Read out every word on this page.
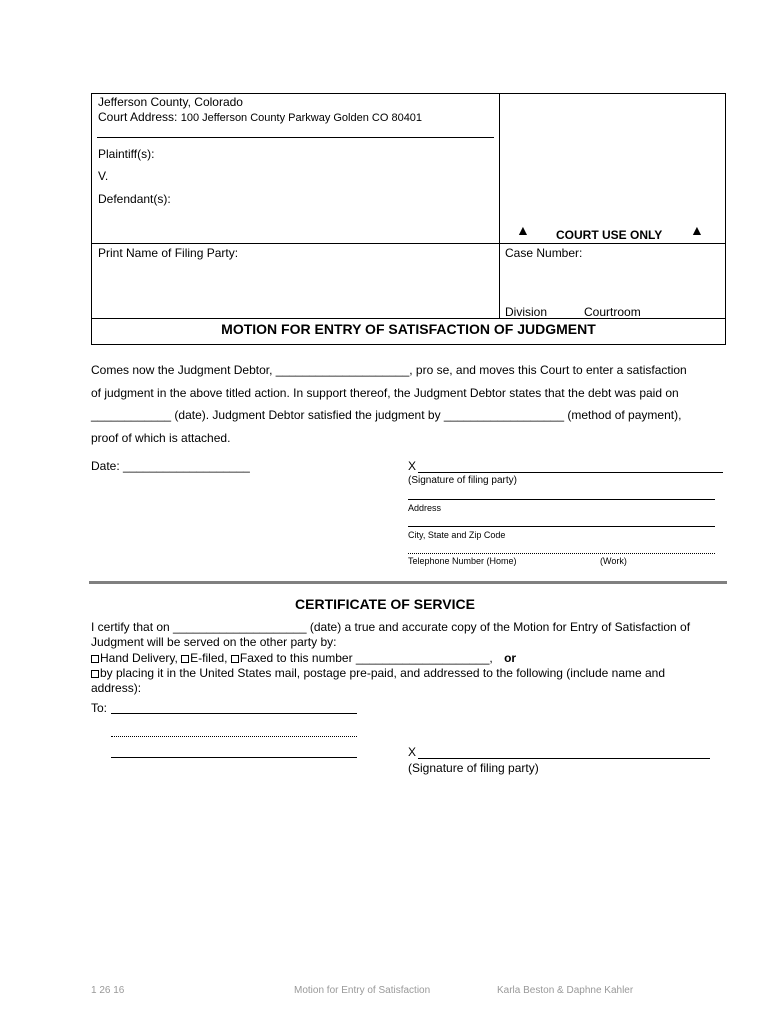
Jefferson County, Colorado
Court Address: 100 Jefferson County Parkway Golden CO 80401
Plaintiff(s):
V.
Defendant(s):
▲ COURT USE ONLY ▲
Print Name of Filing Party:	Case Number:
Division	Courtroom
MOTION FOR ENTRY OF SATISFACTION OF JUDGMENT
Comes now the Judgment Debtor, ____________________, pro se, and moves this Court to enter a satisfaction
of judgment in the above titled action. In support thereof, the Judgment Debtor states that the debt was paid on
____________ (date). Judgment Debtor satisfied the judgment by __________________ (method of payment),
proof of which is attached.
Date: ___________________	X
(Signature of filing party)
Address
City, State and Zip Code
Telephone Number (Home)	(Work)
CERTIFICATE OF SERVICE
I certify that on ____________________ (date) a true and accurate copy of the Motion for Entry of Satisfaction of
Judgment will be served on the other party by:
Hand Delivery, E-filed, Faxed to this number ____________________, or
by placing it in the United States mail, postage pre-paid, and addressed to the following (include name and
address):
To:
X
(Signature of filing party)
1 26 16	Motion for Entry of Satisfaction	Karla Beston & Daphne Kahler
